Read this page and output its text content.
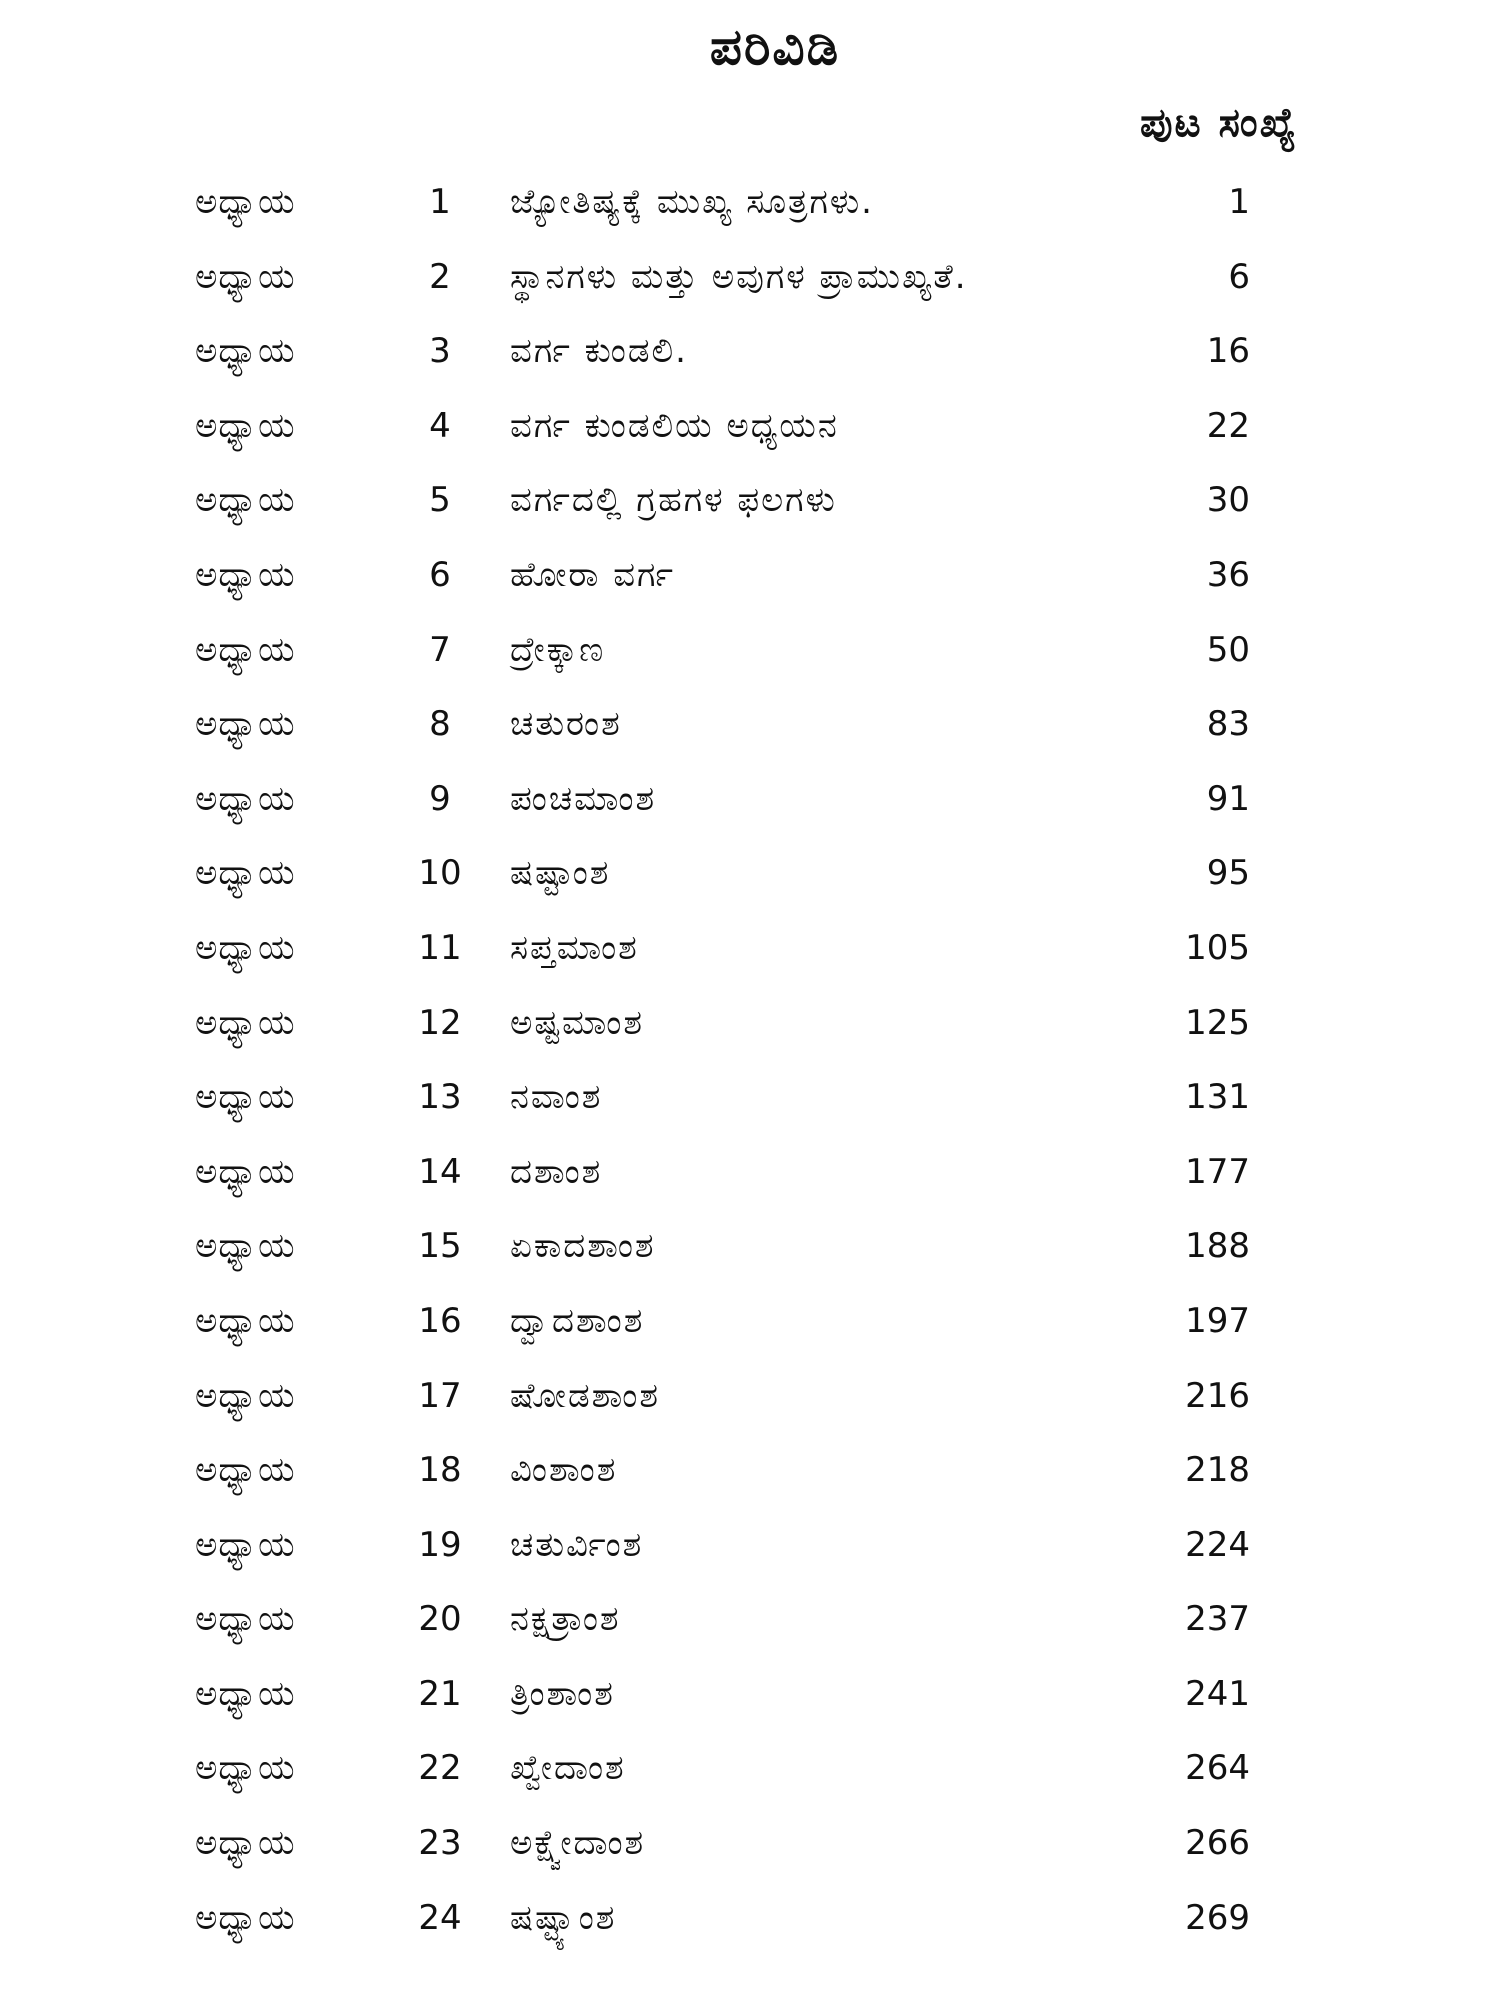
ಪರಿವಿಡಿ
ಪುಟ ಸಂಖ್ಯೆ
ಅಧ್ಯಾಯ	1	ಜ್ಯೋತಿಷ್ಯಕ್ಕೆ ಮುಖ್ಯ ಸೂತ್ರಗಳು.	1
ಅಧ್ಯಾಯ	2	ಸ್ಥಾನಗಳು ಮತ್ತು ಅವುಗಳ ಪ್ರಾಮುಖ್ಯತೆ.	6
ಅಧ್ಯಾಯ	3	ವರ್ಗ ಕುಂಡಲಿ.	16
ಅಧ್ಯಾಯ	4	ವರ್ಗ ಕುಂಡಲಿಯ ಅಧ್ಯಯನ	22
ಅಧ್ಯಾಯ	5	ವರ್ಗದಲ್ಲಿ ಗ್ರಹಗಳ ಫಲಗಳು	30
ಅಧ್ಯಾಯ	6	ಹೋರಾ ವರ್ಗ	36
ಅಧ್ಯಾಯ	7	ದ್ರೇಕ್ಕಾಣ	50
ಅಧ್ಯಾಯ	8	ಚತುರಂಶ	83
ಅಧ್ಯಾಯ	9	ಪಂಚಮಾಂಶ	91
ಅಧ್ಯಾಯ	10	ಷಷ್ಟಾಂಶ	95
ಅಧ್ಯಾಯ	11	ಸಪ್ತಮಾಂಶ	105
ಅಧ್ಯಾಯ	12	ಅಷ್ಟಮಾಂಶ	125
ಅಧ್ಯಾಯ	13	ನವಾಂಶ	131
ಅಧ್ಯಾಯ	14	ದಶಾಂಶ	177
ಅಧ್ಯಾಯ	15	ಏಕಾದಶಾಂಶ	188
ಅಧ್ಯಾಯ	16	ದ್ವಾದಶಾಂಶ	197
ಅಧ್ಯಾಯ	17	ಷೋಡಶಾಂಶ	216
ಅಧ್ಯಾಯ	18	ವಿಂಶಾಂಶ	218
ಅಧ್ಯಾಯ	19	ಚತುರ್ವಿಂಶ	224
ಅಧ್ಯಾಯ	20	ನಕ್ಷತ್ರಾಂಶ	237
ಅಧ್ಯಾಯ	21	ತ್ರಿಂಶಾಂಶ	241
ಅಧ್ಯಾಯ	22	ಖ್ವೇದಾಂಶ	264
ಅಧ್ಯಾಯ	23	ಅಕ್ಷ್ವೇದಾಂಶ	266
ಅಧ್ಯಾಯ	24	ಷಷ್ಟ್ಯಾಂಶ	269
